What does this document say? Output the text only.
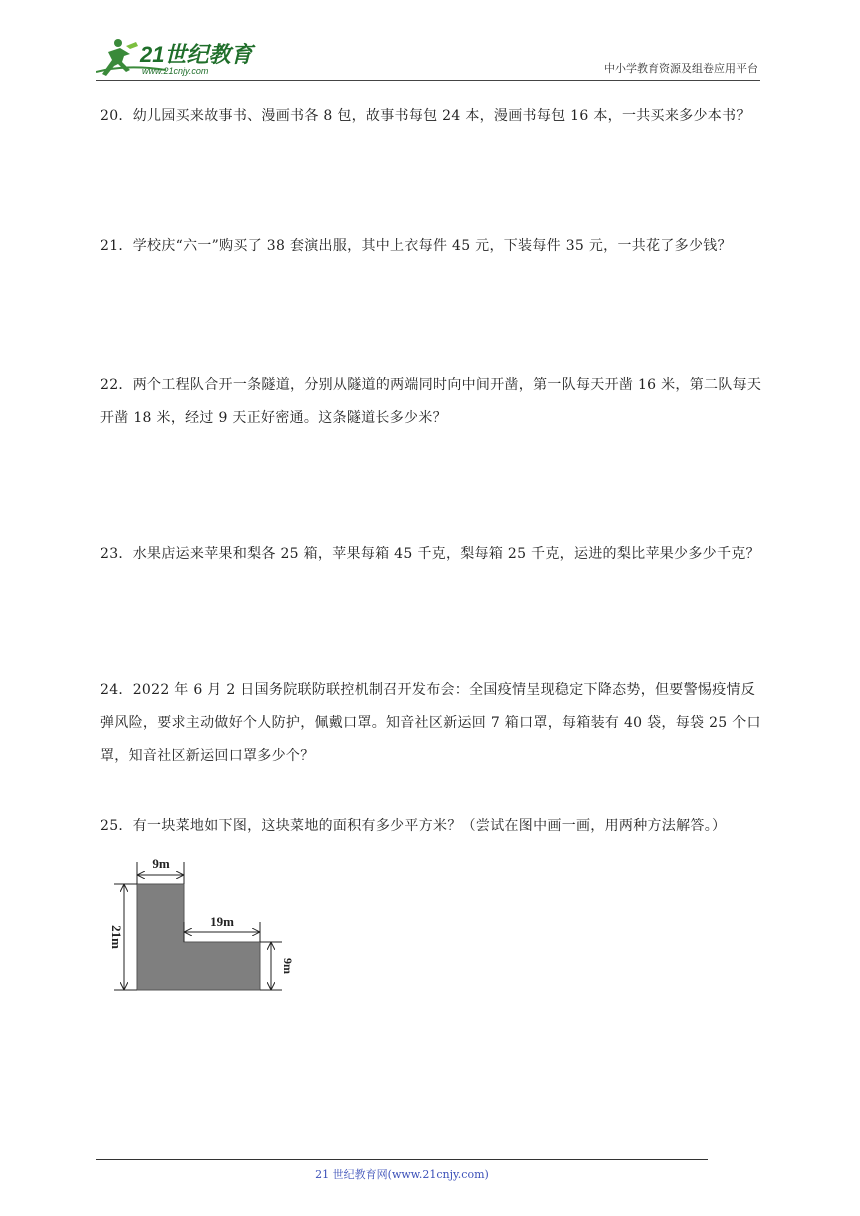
21世纪教育
www.21cnjy.com	中小学教育资源及组卷应用平台
20．幼儿园买来故事书、漫画书各 8 包，故事书每包 24 本，漫画书每包 16 本，一共买来多少本书？
21．学校庆“六一”购买了 38 套演出服，其中上衣每件 45 元，下装每件 35 元，一共花了多少钱？
22．两个工程队合开一条隧道，分别从隧道的两端同时向中间开凿，第一队每天开凿 16 米，第二队每天开凿 18 米，经过 9 天正好密通。这条隧道长多少米？
23．水果店运来苹果和梨各 25 箱，苹果每箱 45 千克，梨每箱 25 千克，运进的梨比苹果少多少千克？
24．2022 年 6 月 2 日国务院联防联控机制召开发布会：全国疫情呈现稳定下降态势，但要警惕疫情反弹风险，要求主动做好个人防护，佩戴口罩。知音社区新运回 7 箱口罩，每箱装有 40 袋，每袋 25 个口罩，知音社区新运回口罩多少个？
25．有一块菜地如下图，这块菜地的面积有多少平方米？（尝试在图中画一画，用两种方法解答。）
9m
19m
21m
9m
21 世纪教育网(www.21cnjy.com)
